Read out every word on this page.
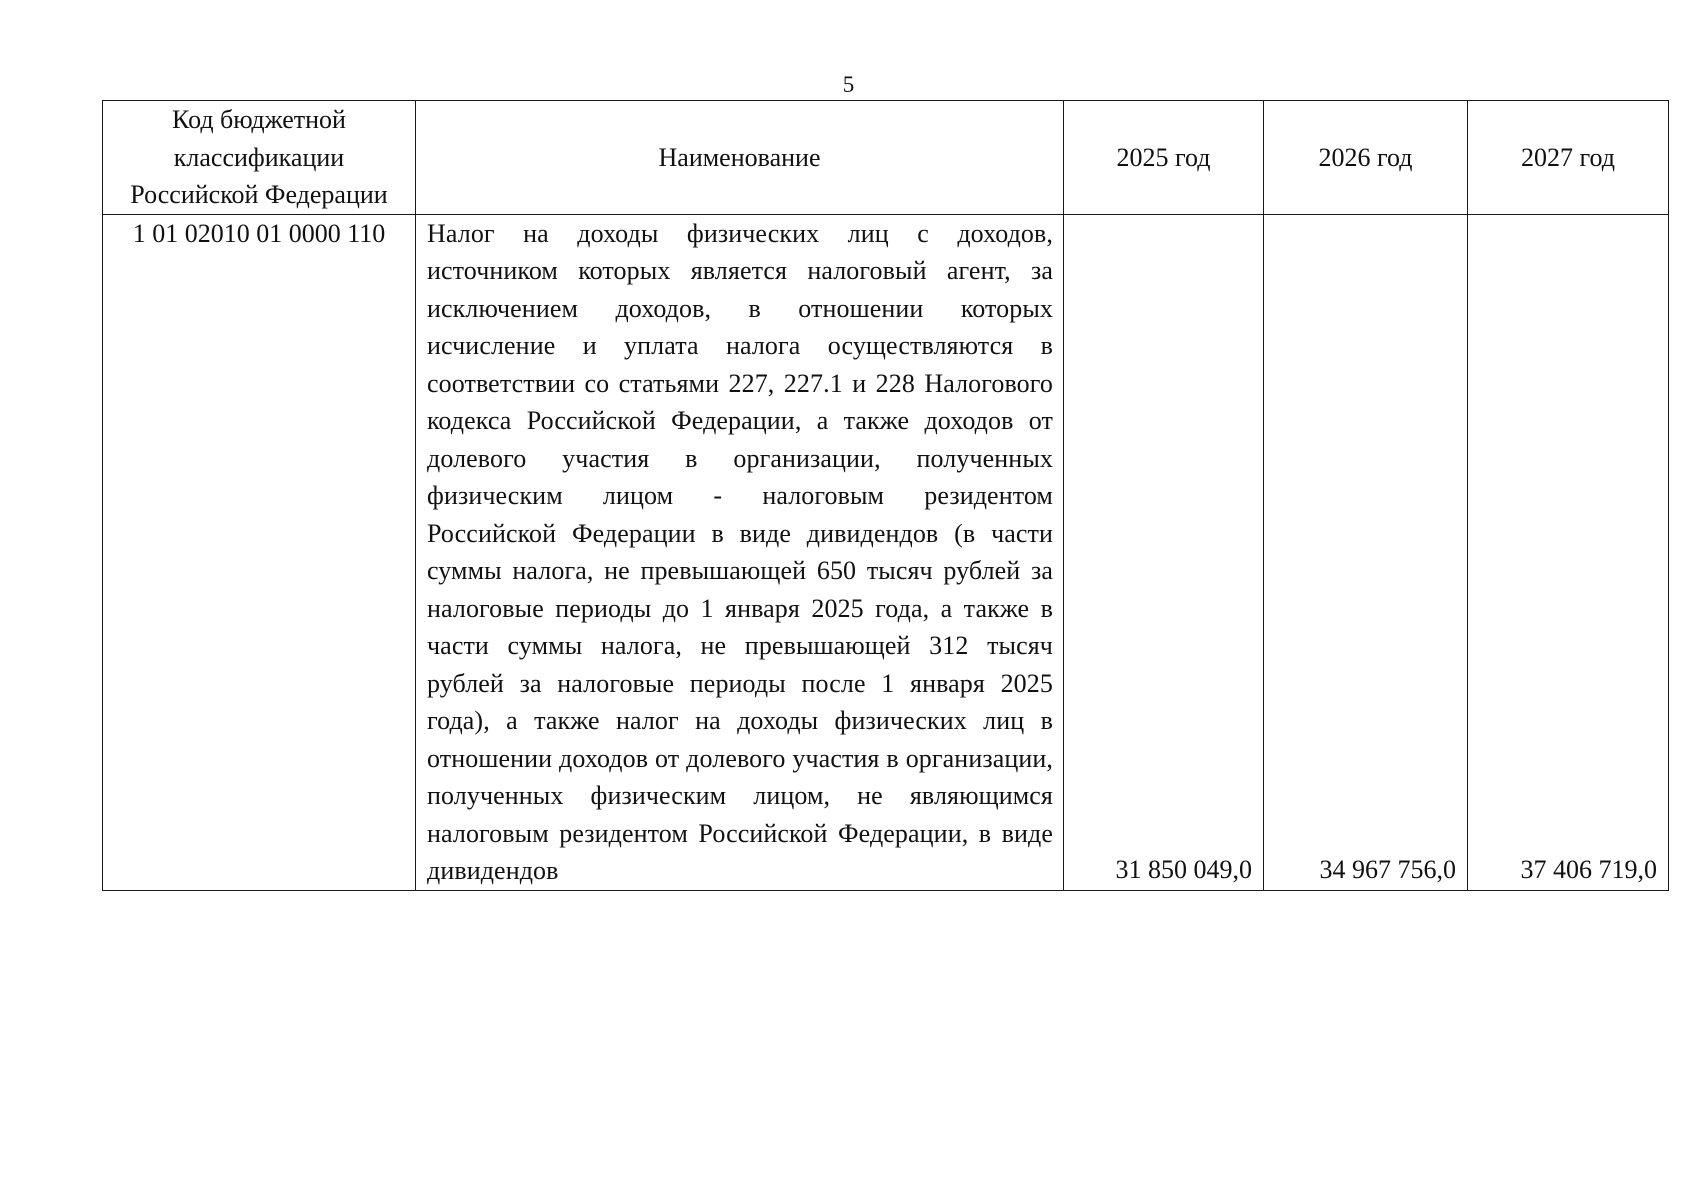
5
Код бюджетной классификации Российской Федерации	Наименование	2025 год	2026 год	2027 год
1 01 02010 01 0000 110	Налог на доходы физических лиц с доходов, источником которых является налоговый агент, за исключением доходов, в отношении которых исчисление и уплата налога осуществляются в соответствии со статьями 227, 227.1 и 228 Налогового кодекса Российской Федерации, а также доходов от долевого участия в организации, полученных физическим лицом - налоговым резидентом Российской Федерации в виде дивидендов (в части суммы налога, не превышающей 650 тысяч рублей за налоговые периоды до 1 января 2025 года, а также в части суммы налога, не превышающей 312 тысяч рублей за налоговые периоды после 1 января 2025 года), а также налог на доходы физических лиц в отношении доходов от долевого участия в организации, полученных физическим лицом, не являющимся налоговым резидентом Российской Федерации, в виде дивидендов	31 850 049,0	34 967 756,0	37 406 719,0
